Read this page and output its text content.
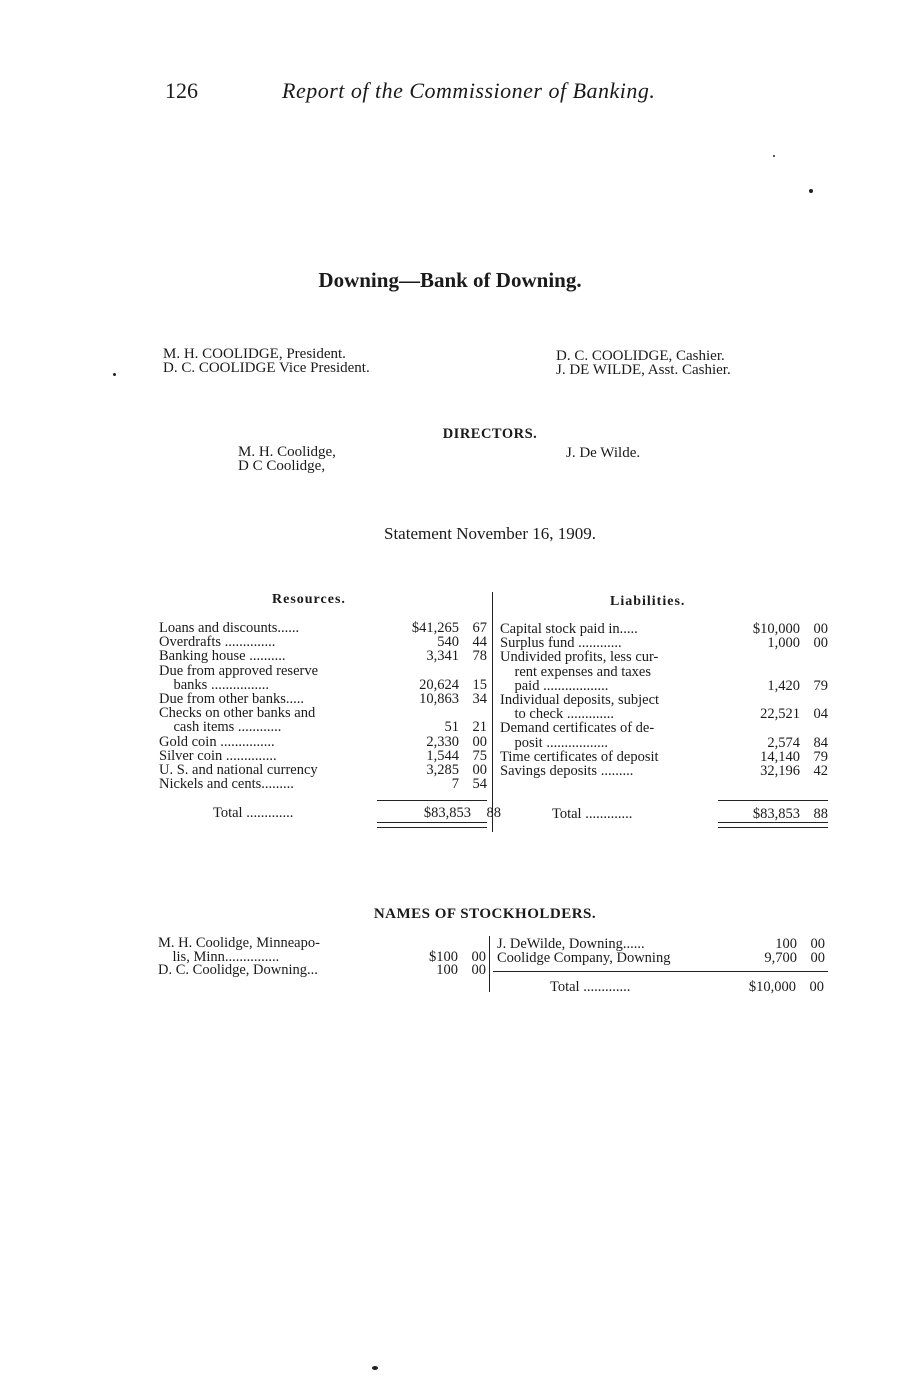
126	Report of the Commissioner of Banking.
Downing—Bank of Downing.
M. H. COOLIDGE, President.
D. C. COOLIDGE Vice President.
D. C. COOLIDGE, Cashier.
J. DE WILDE, Asst. Cashier.
DIRECTORS.
M. H. Coolidge,
D C Coolidge,
J. De Wilde.
Statement November 16, 1909.
Resources.	Liabilities.
Loans and discounts......	$41,265 67
Overdrafts ..............	540 44
Banking house ..........	3,341 78
Due from approved reserve
banks ................	20,624 15
Due from other banks.....	10,863 34
Checks on other banks and
cash items ............	51 21
Gold coin ...............	2,330 00
Silver coin ..............	1,544 75
U. S. and national currency	3,285 00
Nickels and cents.........	7 54
Capital stock paid in.....	$10,000 00
Surplus fund ............	1,000 00
Undivided profits, less cur-
rent expenses and taxes
paid ..................	1,420 79
Individual deposits, subject
to check .............	22,521 04
Demand certificates of de-
posit .................	2,574 84
Time certificates of deposit	14,140 79
Savings deposits .........	32,196 42
Total .............	$83,853	88	Total .............	$83,853 88
NAMES OF STOCKHOLDERS.
M. H. Coolidge, Minneapo-
lis, Minn...............	$100 00
D. C. Coolidge, Downing...	100 00
J. DeWilde, Downing......	100 00
Coolidge Company, Downing	9,700 00
Total .............	$10,000 00
